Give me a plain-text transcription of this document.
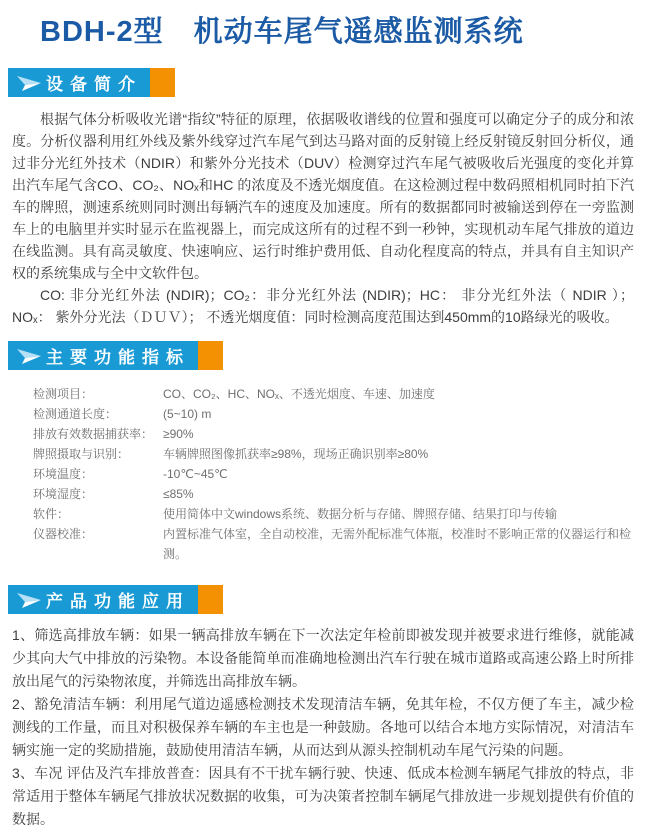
BDH-2型　机动车尾气遥感监测系统
设备简介

根据气体分析吸收光谱“指纹”特征的原理，依据吸收谱线的位置和强度可以确定分子的成分和浓度。分析仪器利用红外线及紫外线穿过汽车尾气到达马路对面的反射镜上经反射镜反射回分析仪，通过非分光红外技术（NDIR）和紫外分光技术（DUV）检测穿过汽车尾气被吸收后光强度的变化并算出汽车尾气含CO、CO₂、NOₓ和HC 的浓度及不透光烟度值。在这检测过程中数码照相机同时拍下汽车的牌照，测速系统则同时测出每辆汽车的速度及加速度。所有的数据都同时被输送到停在一旁监测车上的电脑里并实时显示在监视器上，而完成这所有的过程不到一秒钟，实现机动车尾气排放的道边在线监测。具有高灵敏度、快速响应、运行时维护费用低、自动化程度高的特点，并具有自主知识产权的系统集成与全中文软件包。

CO: 非分光红外法 (NDIR)；CO₂：非分光红外法 (NDIR)；HC： 非分光红外法（ NDIR ）；NOₓ： 紫外分光法（ＤＵＶ）； 不透光烟度值：同时检测高度范围达到450mm的10路绿光的吸收。

主要功能指标
检测项目：	CO、CO₂、HC、NOₓ、不透光烟度、车速、加速度
检测通道长度：	(5~10) m
排放有效数据捕获率： ≥90%
牌照摄取与识别：	车辆牌照图像抓获率≥98%，现场正确识别率≥80%
环境温度：	-10℃~45℃
环境湿度：	≤85%
软件：	使用简体中文windows系统、数据分析与存储、牌照存储、结果打印与传输
仪器校准：	内置标准气体室，全自动校准，无需外配标准气体瓶，校准时不影响正常的仪器运行和检测。
产品功能应用

1、筛选高排放车辆：如果一辆高排放车辆在下一次法定年检前即被发现并被要求进行维修，就能减少其向大气中排放的污染物。本设备能简单而准确地检测出汽车行驶在城市道路或高速公路上时所排放出尾气的污染物浓度，并筛选出高排放车辆。

2、豁免清洁车辆：利用尾气道边遥感检测技术发现清洁车辆，免其年检，不仅方便了车主，减少检测线的工作量，而且对积极保养车辆的车主也是一种鼓励。各地可以结合本地方实际情况，对清洁车辆实施一定的奖励措施，鼓励使用清洁车辆，从而达到从源头控制机动车尾气污染的问题。

3、车况 评估及汽车排放普查：因具有不干扰车辆行驶、快速、低成本检测车辆尾气排放的特点，非常适用于整体车辆尾气排放状况数据的收集，可为决策者控制车辆尾气排放进一步规划提供有价值的数据。
